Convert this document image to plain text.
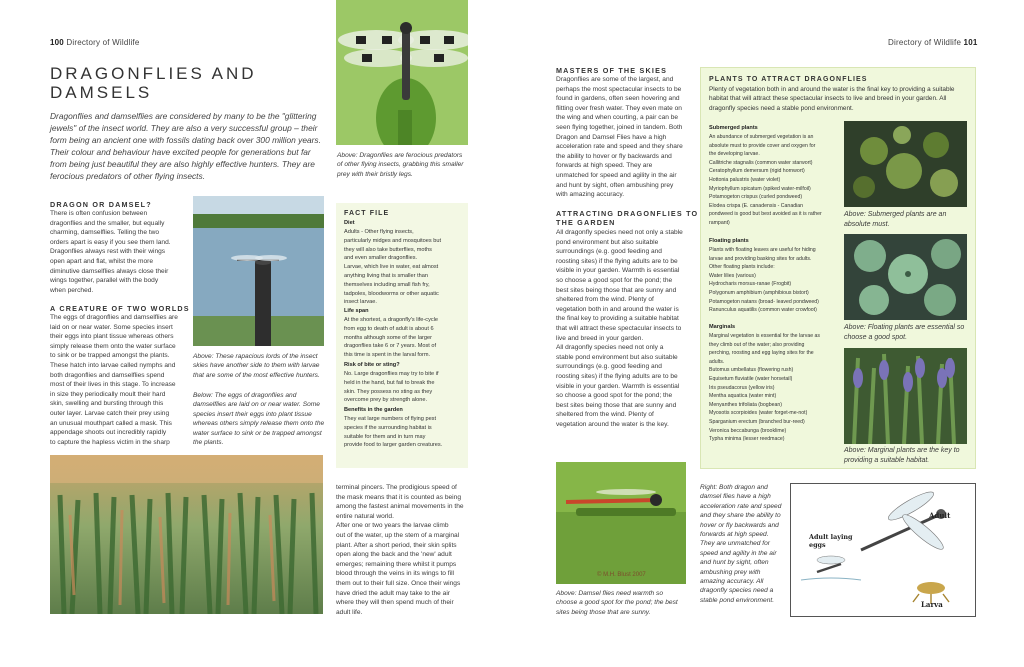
100 Directory of Wildlife
DRAGONFLIES AND
DAMSELS
Dragonflies and damselflies are considered by many to be the "glittering jewels" of the insect world. They are also a very successful group – their form being an ancient one with fossils dating back over 300 million years. Their colour and behaviour have excited people for generations but far from being just beautiful they are also highly effective hunters. They are ferocious predators of other flying insects.
Above: Dragonflies are ferocious predators of other flying insects, grabbing this smaller prey with their bristly legs.
DRAGON OR DAMSEL?
There is often confusion between
dragonflies and the smaller, but equally
charming, damselflies. Telling the two
orders apart is easy if you see them land.
Dragonflies always rest with their wings
open apart and flat, whilst the more
diminutive damselflies always close their
wings together, parallel with the body
when perched.
A CREATURE OF TWO WORLDS
The eggs of dragonflies and damselflies are
laid on or near water. Some species insert
their eggs into plant tissue whereas others
simply release them onto the water surface
to sink or be trapped amongst the plants.
These hatch into larvae called nymphs and
both dragonflies and damselflies spend
most of their lives in this stage. To increase
in size they periodically moult their hard
skin, swelling and bursting through this
outer layer. Larvae catch their prey using
an unusual mouthpart called a mask. This
appendage shoots out incredibly rapidly
to capture the hapless victim in the sharp
Above: These rapacious lords of the insect skies have another side to them with larvae that are some of the most effective hunters.
Below: The eggs of dragonflies and damselflies are laid on or near water. Some species insert their eggs into plant tissue whereas others simply release them onto the water surface to sink or be trapped amongst the plants.
FACT FILE
Diet
Adults - Other flying insects,
particularly midges and mosquitoes but
they will also take butterflies, moths
and even smaller dragonflies.
Larvae, which live in water, eat almost
anything living that is smaller than
themselves including small fish fry,
tadpoles, bloodworms or other aquatic
insect larvae.
Life span
At the shortest, a dragonfly's life-cycle
from egg to death of adult is about 6
months although some of the larger
dragonflies take 6 or 7 years. Most of
this time is spent in the larval form.
Risk of bite or sting?
No. Large dragonflies may try to bite if
held in the hand, but fail to break the
skin. They possess no sting as they
overcome prey by strength alone.
Benefits in the garden
They eat large numbers of flying pest
species if the surrounding habitat is
suitable for them and in turn may
provide food to larger garden creatures.
terminal pincers. The prodigious speed of
the mask means that it is counted as being
among the fastest animal movements in the
entire natural world.
After one or two years the larvae climb
out of the water, up the stem of a marginal
plant. After a short period, their skin splits
open along the back and the 'new' adult
emerges; remaining there whilst it pumps
blood through the veins in its wings to fill
them out to their full size. Once their wings
have dried the adult may take to the air
where they will then spend much of their
adult life.
Directory of Wildlife 101
MASTERS OF THE SKIES
Dragonflies are some of the largest, and
perhaps the most spectacular insects to be
found in gardens, often seen hovering and
flitting over fresh water. They even mate on
the wing and when courting, a pair can be
seen flying together, joined in tandem. Both
Dragon and Damsel Flies have a high
acceleration rate and speed and they share
the ability to hover or fly backwards and
forwards at high speed. They are
unmatched for speed and agility in the air
and hunt by sight, often ambushing prey
with amazing accuracy.
ATTRACTING DRAGONFLIES TO
THE GARDEN
All dragonfly species need not only a stable
pond environment but also suitable
surroundings (e.g. good feeding and
roosting sites) if the flying adults are to be
visible in your garden. Warmth is essential
so choose a good spot for the pond; the
best sites being those that are sunny and
sheltered from the wind. Plenty of
vegetation both in and around the water is
the final key to providing a suitable habitat
that will attract these spectacular insects to
live and breed in your garden.
All dragonfly species need not only a
stable pond environment but also suitable
surroundings (e.g. good feeding and
roosting sites) if the flying adults are to be
visible in your garden. Warmth is essential
so choose a good spot for the pond; the
best sites being those that are sunny and
sheltered from the wind. Plenty of
vegetation around the water is the key.
PLANTS TO ATTRACT DRAGONFLIES
Plenty of vegetation both in and around the water is the final key to providing a suitable habitat that will attract these spectacular insects to live and breed in your garden. All dragonfly species need a stable pond environment.
Submerged plants
An abundance of submerged vegetation is an
absolute must to provide cover and oxygen for
the developing larvae.
Callitriche stagnalis (common water starwort)
Ceratophyllum demersum (rigid hornwort)
Hottonia palustris (water violet)
Myriophyllum spicatum (spiked water-milfoil)
Potamogeton crispus (curled pondweed)
Elodea crispa (E. canadensis - Canadian
pondweed is good but best avoided as it is rather
rampant)
Floating plants
Plants with floating leaves are useful for hiding
larvae and providing basking sites for adults.
Other floating plants include:
Water lilies (various)
Hydrocharis morsus-ranae (Frogbit)
Polygonum amphibium (amphibious bistort)
Potamogeton natans (broad- leaved pondweed)
Ranunculus aquatilis (common water crowfoot)
Marginals
Marginal vegetation is essential for the larvae as
they climb out of the water; also providing
perching, roosting and egg laying sites for the
adults.
Butomus umbellatus (flowering rush)
Equisetum fluviatile (water horsetail)
Iris pseudacorus (yellow iris)
Mentha aquatica (water mint)
Menyanthes trifoliata (bogbean)
Myosotis scorpioides (water forget-me-not)
Sparganium erectum (branched bur-reed)
Veronica beccabunga (brooklime)
Typha minima (lesser reedmace)
Above: Submerged plants are an absolute must.
Above: Floating plants are essential so choose a good spot.
Above: Marginal plants are the key to providing a suitable habitat.
© M.H. Blust 2007
Above: Damsel flies need warmth so choose a good spot for the pond; the best sites being those that are sunny.
Right: Both dragon and damsel flies have a high acceleration rate and speed and they share the ability to hover or fly backwards and forwards at high speed. They are unmatched for speed and agility in the air and hunt by sight, often ambushing prey with amazing accuracy. All dragonfly species need a stable pond environment.
Adult
Adult laying eggs
Larva
